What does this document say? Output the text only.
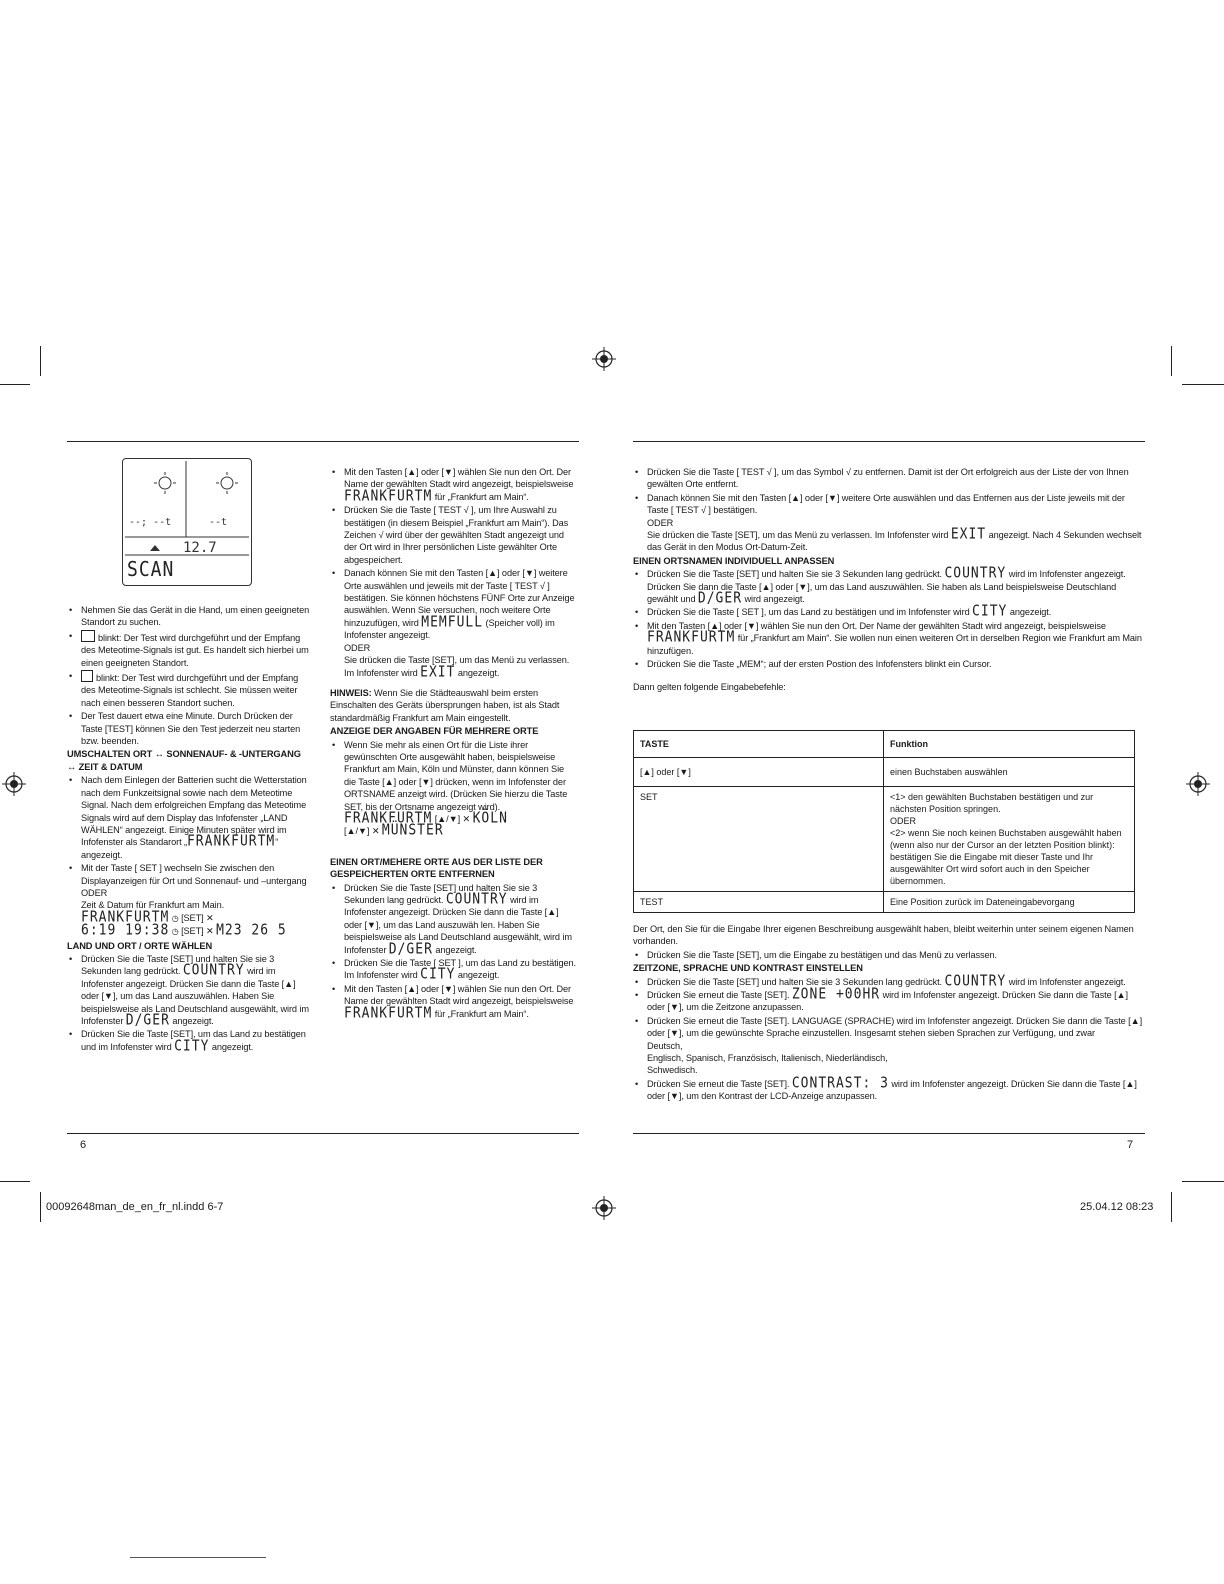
--; --t	--t
12.7
SCAN
• Nehmen Sie das Gerät in die Hand, um einen geeigneten Standort zu suchen.
• blinkt: Der Test wird durchgeführt und der Empfang des Meteotime-Signals ist gut. Es handelt sich hierbei um einen geeigneten Standort.
• blinkt: Der Test wird durchgeführt und der Empfang des Meteotime-Signals ist schlecht. Sie müssen weiter nach einen besseren Standort suchen.
• Der Test dauert etwa eine Minute. Durch Drücken der Taste [TEST] können Sie den Test jederzeit neu starten bzw. beenden.

UMSCHALTEN ORT ↔ SONNENAUF- & -UNTERGANG ↔ ZEIT & DATUM

• Nach dem Einlegen der Batterien sucht die Wetterstation nach dem Funkzeitsignal sowie nach dem Meteotime Signal. Nach dem erfolgreichen Empfang das Meteotime Signals wird auf dem Display das Infofenster „LAND WÄHLEN“ angezeigt. Einige Minuten später wird im Infofenster als Standarort „FRANKFURTM“ angezeigt.
• Mit der Taste [ SET ] wechseln Sie zwischen den Displayanzeigen für Ort und Sonnenauf- und –untergang
ODER
Zeit & Datum für Frankfurt am Main.
FRANKFURTM ◷ [SET] ✕
6:19 19:38 ◷ [SET] ✕ M23 26 5

LAND UND ORT / ORTE WÄHLEN

• Drücken Sie die Taste [SET] und halten Sie sie 3 Sekunden lang gedrückt. COUNTRY wird im Infofenster angezeigt. Drücken Sie dann die Taste [▲] oder [▼], um das Land auszuwählen. Haben Sie beispielsweise als Land Deutschland ausgewählt, wird im Infofenster D/GER angezeigt.
• Drücken Sie die Taste [SET], um das Land zu bestätigen und im Infofenster wird CITY angezeigt.
• Mit den Tasten [▲] oder [▼] wählen Sie nun den Ort. Der Name der gewählten Stadt wird angezeigt, beispielsweise FRANKFURTM für „Frankfurt am Main“.
• Drücken Sie die Taste [ TEST √ ], um Ihre Auswahl zu bestätigen (in diesem Beispiel „Frankfurt am Main“). Das Zeichen √ wird über der gewählten Stadt angezeigt und der Ort wird in Ihrer persönlichen Liste gewählter Orte abgespeichert.
• Danach können Sie mit den Tasten [▲] oder [▼] weitere Orte auswählen und jeweils mit der Taste [ TEST √ ] bestätigen. Sie können höchstens FÜNF Orte zur Anzeige auswählen. Wenn Sie versuchen, noch weitere Orte hinzuzufügen, wird MEMFULL (Speicher voll) im Infofenster angezeigt.
ODER
Sie drücken die Taste [SET], um das Menü zu verlassen. Im Infofenster wird EXIT angezeigt.

HINWEIS: Wenn Sie die Städteauswahl beim ersten Einschalten des Geräts übersprungen haben, ist als Stadt standardmäßig Frankfurt am Main eingestellt.

ANZEIGE DER ANGABEN FÜR MEHRERE ORTE

• Wenn Sie mehr als einen Ort für die Liste ihrer gewünschten Orte ausgewählt haben, beispielsweise Frankfurt am Main, Köln und Münster, dann können Sie die Taste [▲] oder [▼] drücken, wenn im Infofenster der ORTSNAME anzeigt wird. (Drücken Sie hierzu die Taste SET, bis der Ortsname angezeigt wird).
FRANKFURTM [▲/▼] ✕ KÖLN
[▲/▼] ✕ MÜNSTER

EINEN ORT/MEHERE ORTE AUS DER LISTE DER GESPEICHERTEN ORTE ENTFERNEN

• Drücken Sie die Taste [SET] und halten Sie sie 3 Sekunden lang gedrückt. COUNTRY wird im Infofenster angezeigt. Drücken Sie dann die Taste [▲] oder [▼], um das Land auszuwäh len. Haben Sie beispielsweise als Land Deutschland ausgewählt, wird im Infofenster D/GER angezeigt.
• Drücken Sie die Taste [ SET ], um das Land zu bestätigen. Im Infofenster wird CITY angezeigt.
• Mit den Tasten [▲] oder [▼] wählen Sie nun den Ort. Der Name der gewählten Stadt wird angezeigt, beispielsweise FRANKFURTM für „Frankfurt am Main“.
• Drücken Sie die Taste [ TEST √ ], um das Symbol √ zu entfernen. Damit ist der Ort erfolgreich aus der Liste der von Ihnen gewälten Orte entfernt.
• Danach können Sie mit den Tasten [▲] oder [▼] weitere Orte auswählen und das Entfernen aus der Liste jeweils mit der Taste [ TEST √ ] bestätigen.
ODER
Sie drücken die Taste [SET], um das Menü zu verlassen. Im Infofenster wird EXIT angezeigt. Nach 4 Sekunden wechselt das Gerät in den Modus Ort-Datum-Zeit.

EINEN ORTSNAMEN INDIVIDUELL ANPASSEN

• Drücken Sie die Taste [SET] und halten Sie sie 3 Sekunden lang gedrückt. COUNTRY wird im Infofenster angezeigt. Drücken Sie dann die Taste [▲] oder [▼], um das Land auszuwählen. Sie haben als Land beispielsweise Deutschland gewählt und D/GER wird angezeigt.
• Drücken Sie die Taste [ SET ], um das Land zu bestätigen und im Infofenster wird CITY angezeigt.
• Mit den Tasten [▲] oder [▼] wählen Sie nun den Ort. Der Name der gewählten Stadt wird angezeigt, beispielsweise FRANKFURTM für „Frankfurt am Main“. Sie wollen nun einen weiteren Ort in derselben Region wie Frankfurt am Main hinzufügen.
• Drücken Sie die Taste „MEM“; auf der ersten Postion des Infofensters blinkt ein Cursor.

Dann gelten folgende Eingabebefehle:

TASTE	Funktion
[▲] oder [▼]	einen Buchstaben auswählen
SET	<1> den gewählten Buchstaben bestätigen und zur nächsten Position springen.
ODER
<2> wenn Sie noch keinen Buchstaben ausgewählt haben (wenn also nur der Cursor an der letzten Position blinkt): bestätigen Sie die Eingabe mit dieser Taste und Ihr ausgewählter Ort wird sofort auch in den Speicher übernommen.
TEST	Eine Position zurück im Dateneingabevorgang

Der Ort, den Sie für die Eingabe Ihrer eigenen Beschreibung ausgewählt haben, bleibt weiterhin unter seinem eigenen Namen vorhanden.

• Drücken Sie die Taste [SET], um die Eingabe zu bestätigen und das Menü zu verlassen.

ZEITZONE, SPRACHE UND KONTRAST EINSTELLEN

• Drücken Sie die Taste [SET] und halten Sie sie 3 Sekunden lang gedrückt. COUNTRY wird im Infofenster angezeigt.
• Drücken Sie erneut die Taste [SET]. ZONE +00HR wird im Infofenster angezeigt. Drücken Sie dann die Taste [▲] oder [▼], um die Zeitzone anzupassen.
• Drücken Sie erneut die Taste [SET]. LANGUAGE (SPRACHE) wird im Infofenster angezeigt. Drücken Sie dann die Taste [▲] oder [▼], um die gewünschte Sprache einzustellen. Insgesamt stehen sieben Sprachen zur Verfügung, und zwar
Deutsch,
Englisch, Spanisch, Französisch, Italienisch, Niederländisch,
Schwedisch.
• Drücken Sie erneut die Taste [SET]. CONTRAST: 3 wird im Infofenster angezeigt. Drücken Sie dann die Taste [▲] oder [▼], um den Kontrast der LCD-Anzeige anzupassen.
6	7
00092648man_de_en_fr_nl.indd 6-7	25.04.12 08:23
